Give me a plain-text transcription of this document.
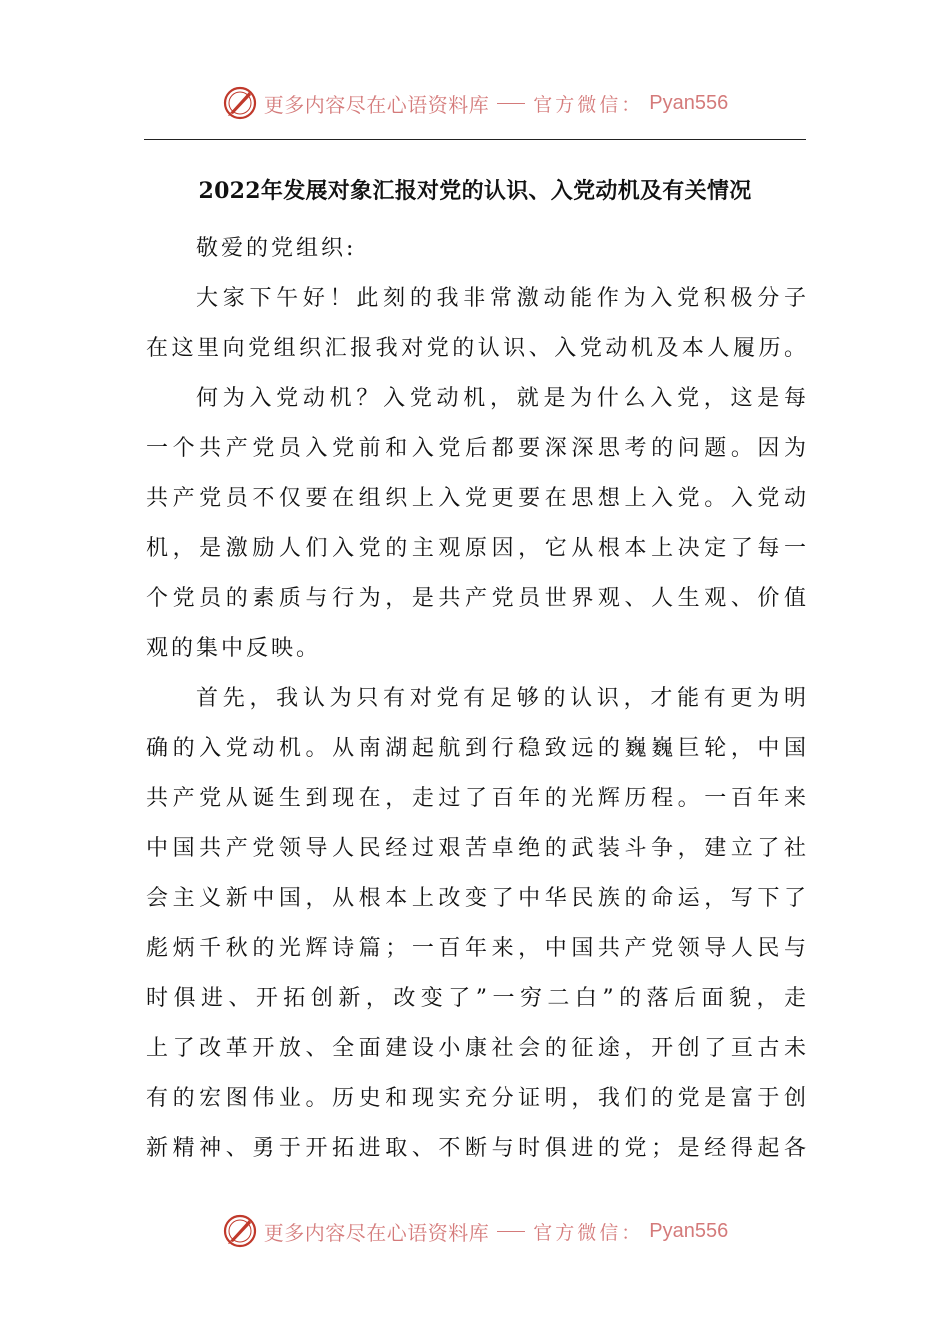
更多内容尽在心语资料库 官方微信： Pyan556
2022年发展对象汇报对党的认识、入党动机及有关情况
敬爱的党组织:
大家下午好！此刻的我非常激动能作为入党积极分子
在这里向党组织汇报我对党的认识、入党动机及本人履历。
何为入党动机？入党动机，就是为什么入党，这是每
一个共产党员入党前和入党后都要深深思考的问题。因为
共产党员不仅要在组织上入党更要在思想上入党。入党动
机，是激励人们入党的主观原因，它从根本上决定了每一
个党员的素质与行为，是共产党员世界观、人生观、价值
观的集中反映。
首先，我认为只有对党有足够的认识，才能有更为明
确的入党动机。从南湖起航到行稳致远的巍巍巨轮，中国
共产党从诞生到现在，走过了百年的光辉历程。一百年来
中国共产党领导人民经过艰苦卓绝的武装斗争，建立了社
会主义新中国，从根本上改变了中华民族的命运，写下了
彪炳千秋的光辉诗篇；一百年来，中国共产党领导人民与
时俱进、开拓创新，改变了”一穷二白”的落后面貌，走
上了改革开放、全面建设小康社会的征途，开创了亘古未
有的宏图伟业。历史和现实充分证明，我们的党是富于创
新精神、勇于开拓进取、不断与时俱进的党；是经得起各
更多内容尽在心语资料库 官方微信： Pyan556
